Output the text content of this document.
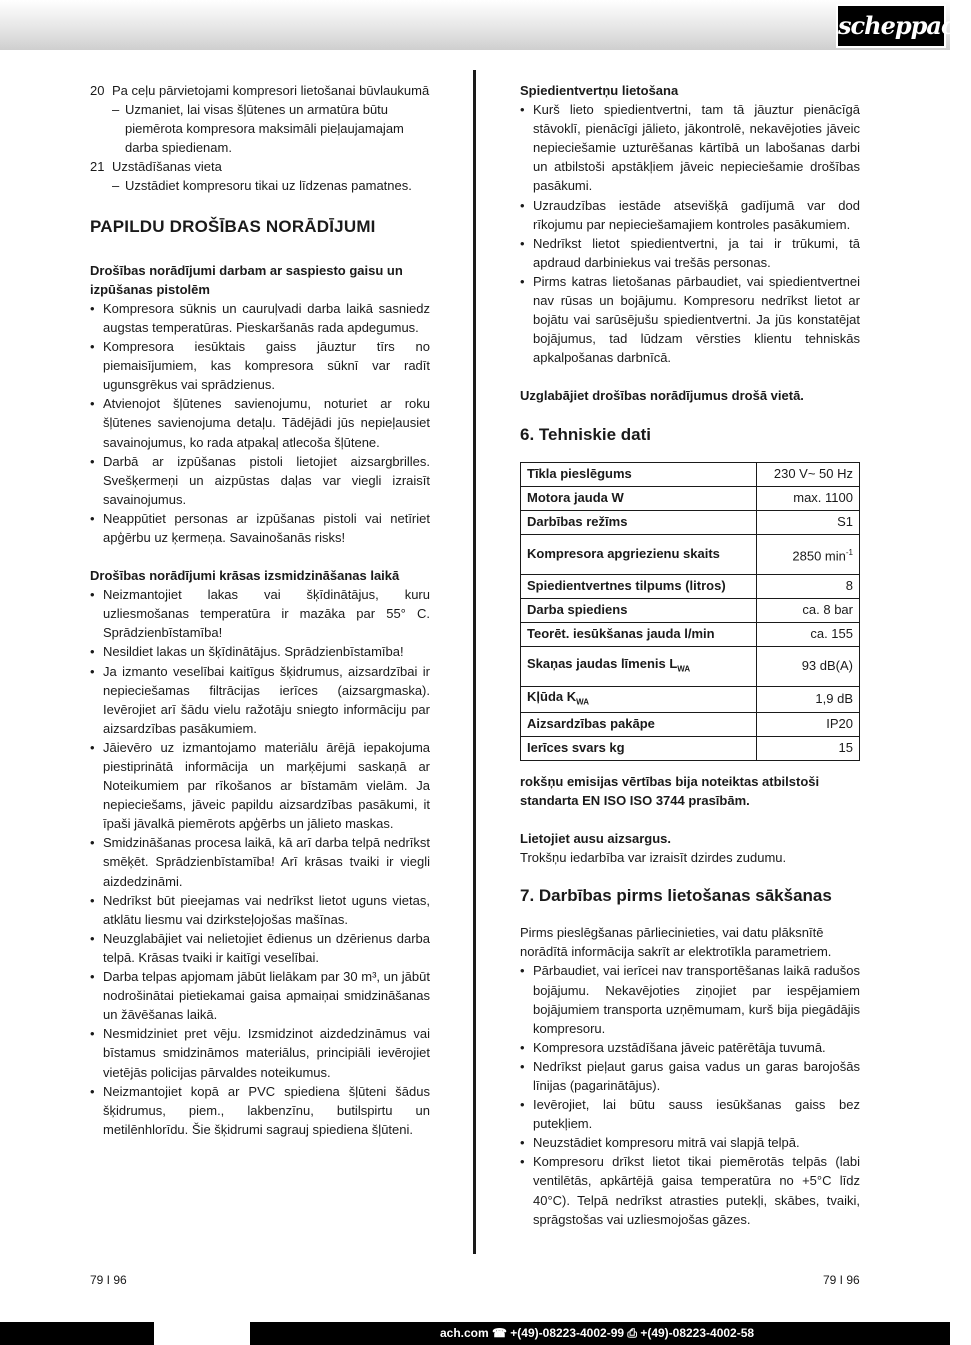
scheppach
20 Pa ceļu pārvietojami kompresori lietošanai būvlaukumā
– Uzmaniet, lai visas šļūtenes un armatūra būtu piemērota kompresora maksimāli pieļaujamajam darba spiedienam.
21 Uzstādīšanas vieta
– Uzstādiet kompresoru tikai uz līdzenas pamatnes.
PAPILDU DROŠĪBAS NORĀDĪJUMI

Drošības norādījumi darbam ar saspiesto gaisu un izpūšanas pistolēm

• Kompresora sūknis un cauruļvadi darba laikā sasniedz augstas temperatūras. Pieskaršanās rada apdegumus.
• Kompresora iesūktais gaiss jāuztur tīrs no piemaisījumiem, kas kompresora sūknī var radīt ugunsgrēkus vai sprādzienus.
• Atvienojot šļūtenes savienojumu, noturiet ar roku šļūtenes savienojuma detaļu. Tādējādi jūs nepieļausiet savainojumus, ko rada atpakaļ atlecoša šļūtene.
• Darbā ar izpūšanas pistoli lietojiet aizsargbrilles. Svešķermeņi un aizpūstas daļas var viegli izraisīt savainojumus.
• Neappūtiet personas ar izpūšanas pistoli vai netīriet apģērbu uz ķermeņa. Savainošanās risks!

Drošības norādījumi krāsas izsmidzināšanas laikā

• Neizmantojiet lakas vai šķīdinātājus, kuru uzliesmošanas temperatūra ir mazāka par 55° C. Sprādzienbīstamība!
• Nesildiet lakas un šķīdinātājus. Sprādzienbīstamība!
• Ja izmanto veselībai kaitīgus šķidrumus, aizsardzībai ir nepieciešamas filtrācijas ierīces (aizsargmaska). Ievērojiet arī šādu vielu ražotāju sniegto informāciju par aizsardzības pasākumiem.
• Jāievēro uz izmantojamo materiālu ārējā iepakojuma piestiprinātā informācija un marķējumi saskaņā ar Noteikumiem par rīkošanos ar bīstamām vielām. Ja nepieciešams, jāveic papildu aizsardzības pasākumi, it īpaši jāvalkā piemērots apģērbs un jālieto maskas.
• Smidzināšanas procesa laikā, kā arī darba telpā nedrīkst smēķēt. Sprādzienbīstamība! Arī krāsas tvaiki ir viegli aizdedzināmi.
• Nedrīkst būt pieejamas vai nedrīkst lietot uguns vietas, atklātu liesmu vai dzirksteļojošas mašīnas.
• Neuzglabājiet vai nelietojiet ēdienus un dzērienus darba telpā. Krāsas tvaiki ir kaitīgi veselībai.
• Darba telpas apjomam jābūt lielākam par 30 m³, un jābūt nodrošinātai pietiekamai gaisa apmaiņai smidzināšanas un žāvēšanas laikā.
• Nesmidziniet pret vēju. Izsmidzinot aizdedzināmus vai bīstamus smidzināmos materiālus, principiāli ievērojiet vietējās policijas pārvaldes noteikumus.
• Neizmantojiet kopā ar PVC spiediena šļūteni šādus šķidrumus, piem., lakbenzīnu, butilspirtu un metilēnhlorīdu. Šie šķidrumi sagrauj spiediena šļūteni.

Spiedientvertņu lietošana

• Kurš lieto spiedientvertni, tam tā jāuztur pienācīgā stāvoklī, pienācīgi jālieto, jākontrolē, nekavējoties jāveic nepieciešamie uzturēšanas kārtībā un labošanas darbi un atbilstoši apstākļiem jāveic nepieciešamie drošības pasākumi.
• Uzraudzības iestāde atsevišķā gadījumā var dod rīkojumu par nepieciešamajiem kontroles pasākumiem.
• Nedrīkst lietot spiedientvertni, ja tai ir trūkumi, tā apdraud darbiniekus vai trešās personas.
• Pirms katras lietošanas pārbaudiet, vai spiedientvertnei nav rūsas un bojājumu. Kompresoru nedrīkst lietot ar bojātu vai sarūsējušu spiedientvertni. Ja jūs konstatējat bojājumus, tad lūdzam vērsties klientu tehniskās apkalpošanas darbnīcā.

Uzglabājiet drošības norādījumus drošā vietā.

6. Tehniskie dati
Tīkla pieslēgums	230 V~ 50 Hz
Motora jauda W	max. 1100
Darbības režīms	S1
Kompresora apgriezienu skaits	2850 $\min^{-1}$
Spiedientvertnes tilpums (litros)	8
Darba spiediens	ca. 8 bar
Teorēt. iesūkšanas jauda l/min	ca. 155
Skaņas jaudas līmenis $L_{WA}$	93 dB(A)
Kļūda $K_{WA}$	1,9 dB
Aizsardzības pakāpe	IP20
Ierīces svars kg	15

rokšņu emisijas vērtības bija noteiktas atbilstoši standarta EN ISO ISO 3744 prasībām.

Lietojiet ausu aizsargus.

Trokšņu iedarbība var izraisīt dzirdes zudumu.

7. Darbības pirms lietošanas sākšanas

Pirms pieslēgšanas pārliecinieties, vai datu plāksnītē norādītā informācija sakrīt ar elektrotīkla parametriem.

• Pārbaudiet, vai ierīcei nav transportēšanas laikā radušos bojājumu. Nekavējoties ziņojiet par iespējamiem bojājumiem transporta uzņēmumam, kurš bija piegādājis kompresoru.
• Kompresora uzstādīšana jāveic patērētāja tuvumā.
• Nedrīkst pieļaut garus gaisa vadus un garas barojošās līnijas (pagarinātājus).
• Ievērojiet, lai būtu sauss iesūkšanas gaiss bez putekļiem.
• Neuzstādiet kompresoru mitrā vai slapjā telpā.
• Kompresoru drīkst lietot tikai piemērotās telpās (labi ventilētās, apkārtējā gaisa temperatūra no +5°C līdz 40°C). Telpā nedrīkst atrasties putekļi, skābes, tvaiki, sprāgstošas vai uzliesmojošas gāzes.
79 I 96	79 I 96
ach.com ☎ +(49)-08223-4002-99 ⎙ +(49)-08223-4002-58
